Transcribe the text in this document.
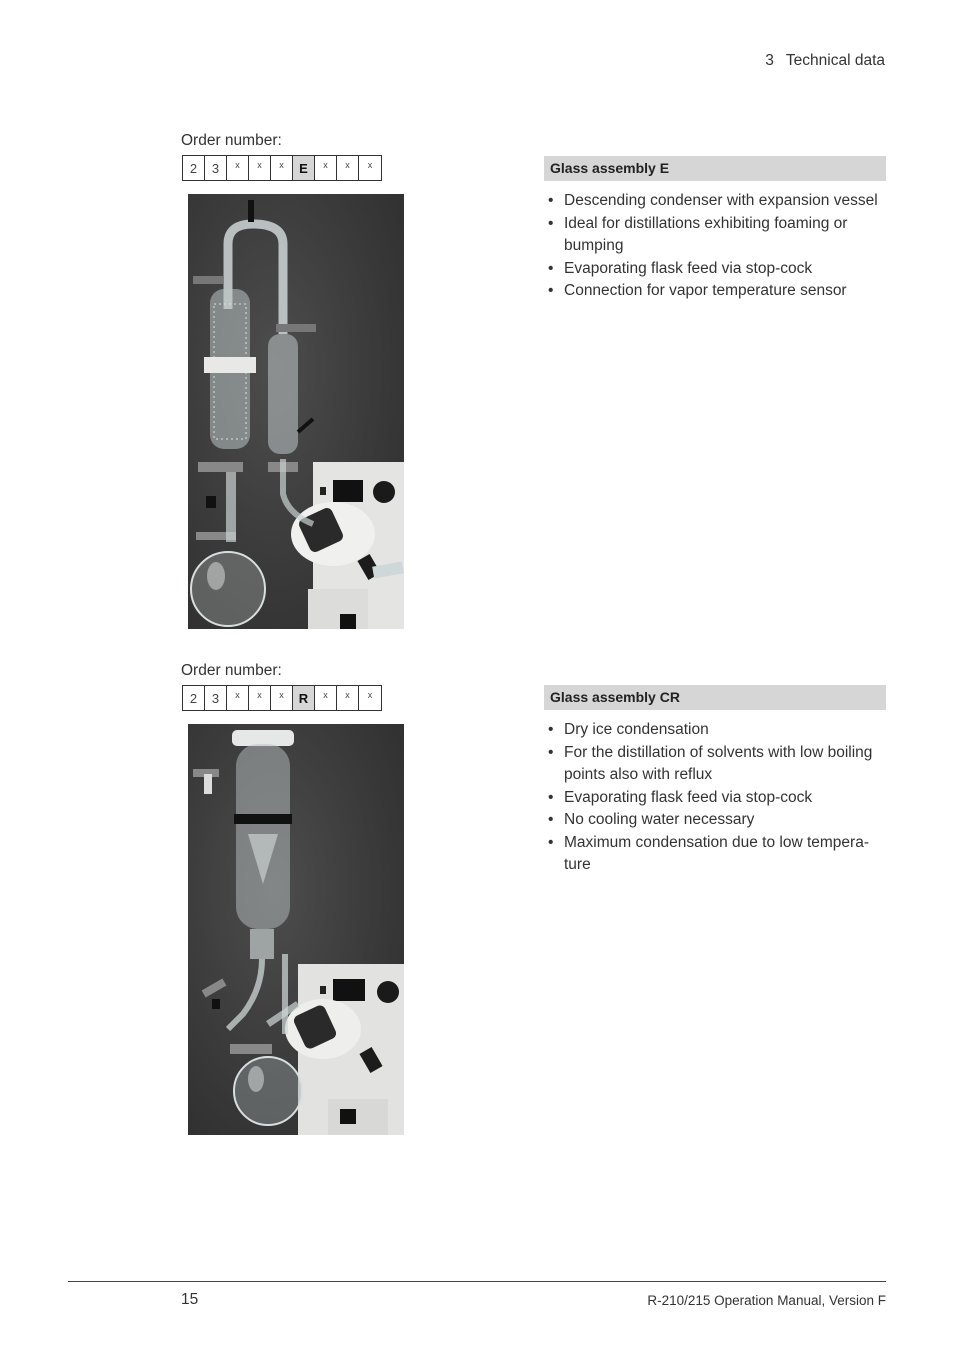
3 Technical data
Order number:
2	3	x	x	x	E	x	x	x	Glass assembly E
• Descending condenser with expansion vessel
• Ideal for distillations exhibiting foaming or bumping
• Evaporating flask feed via stop-cock
• Connection for vapor temperature sensor
Order number:
2	3	x	x	x	R	x	x	x	Glass assembly CR
• Dry ice condensation
• For the distillation of solvents with low boiling points also with reflux
• Evaporating flask feed via stop-cock
• No cooling water necessary
• Maximum condensation due to low tempera-ture
15	R-210/215 Operation Manual, Version F
